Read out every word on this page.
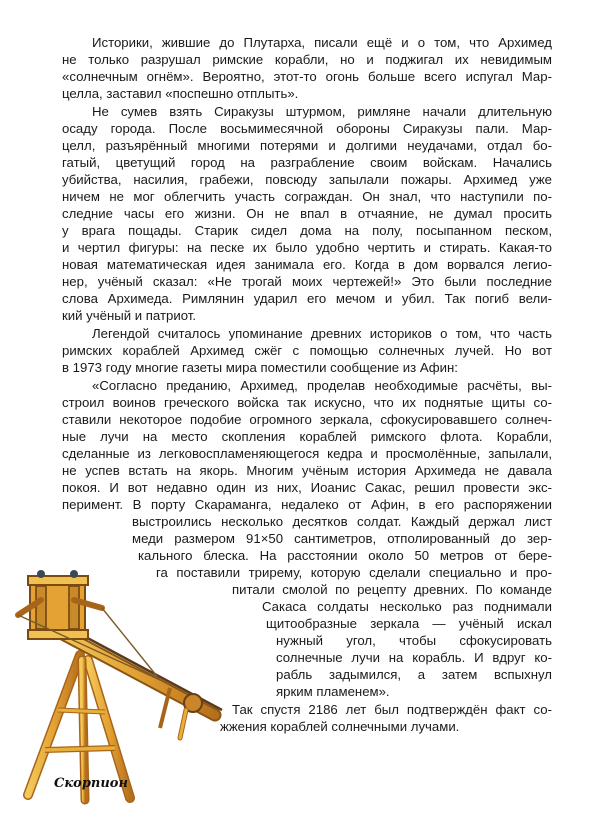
Историки, жившие до Плутарха, писали ещё и о том, что Архимед
не только разрушал римские корабли, но и поджигал их невидимым
«солнечным огнём». Вероятно, этот-то огонь больше всего испугал Мар-
целла, заставил «поспешно отплыть».
Не сумев взять Сиракузы штурмом, римляне начали длительную
осаду города. После восьмимесячной обороны Сиракузы пали. Мар-
целл, разъярённый многими потерями и долгими неудачами, отдал бо-
гатый, цветущий город на разграбление своим войскам. Начались
убийства, насилия, грабежи, повсюду запылали пожары. Архимед уже
ничем не мог облегчить участь сограждан. Он знал, что наступили по-
следние часы его жизни. Он не впал в отчаяние, не думал просить
у врага пощады. Старик сидел дома на полу, посыпанном песком,
и чертил фигуры: на песке их было удобно чертить и стирать. Какая-то
новая математическая идея занимала его. Когда в дом ворвался легио-
нер, учёный сказал: «Не трогай моих чертежей!» Это были последние
слова Архимеда. Римлянин ударил его мечом и убил. Так погиб вели-
кий учёный и патриот.
Легендой считалось упоминание древних историков о том, что часть
римских кораблей Архимед сжёг с помощью солнечных лучей. Но вот
в 1973 году многие газеты мира поместили сообщение из Афин:
«Согласно преданию, Архимед, проделав необходимые расчёты, вы-
строил воинов греческого войска так искусно, что их поднятые щиты со-
ставили некоторое подобие огромного зеркала, сфокусировавшего солнеч-
ные лучи на место скопления кораблей римского флота. Корабли,
сделанные из легковоспламеняющегося кедра и просмолённые, запылали,
не успев встать на якорь. Многим учёным история Архимеда не давала
покоя. И вот недавно один из них, Иоанис Сакас, решил провести экс-
перимент. В порту Скараманга, недалеко от Афин, в его распоряжении
выстроились несколько десятков солдат. Каждый держал лист
меди размером 91×50 сантиметров, отполированный до зер-
кального блеска. На расстоянии около 50 метров от бере-
га поставили трирему, которую сделали специально и про-
питали смолой по рецепту древних. По команде
Сакаса солдаты несколько раз поднимали
щитообразные зеркала — учёный искал
нужный угол, чтобы сфокусировать
солнечные лучи на корабль. И вдруг ко-
рабль задымился, а затем вспыхнул
ярким пламенем».
Так спустя 2186 лет был подтверждён факт со-
жжения кораблей солнечными лучами.
Скорпион
